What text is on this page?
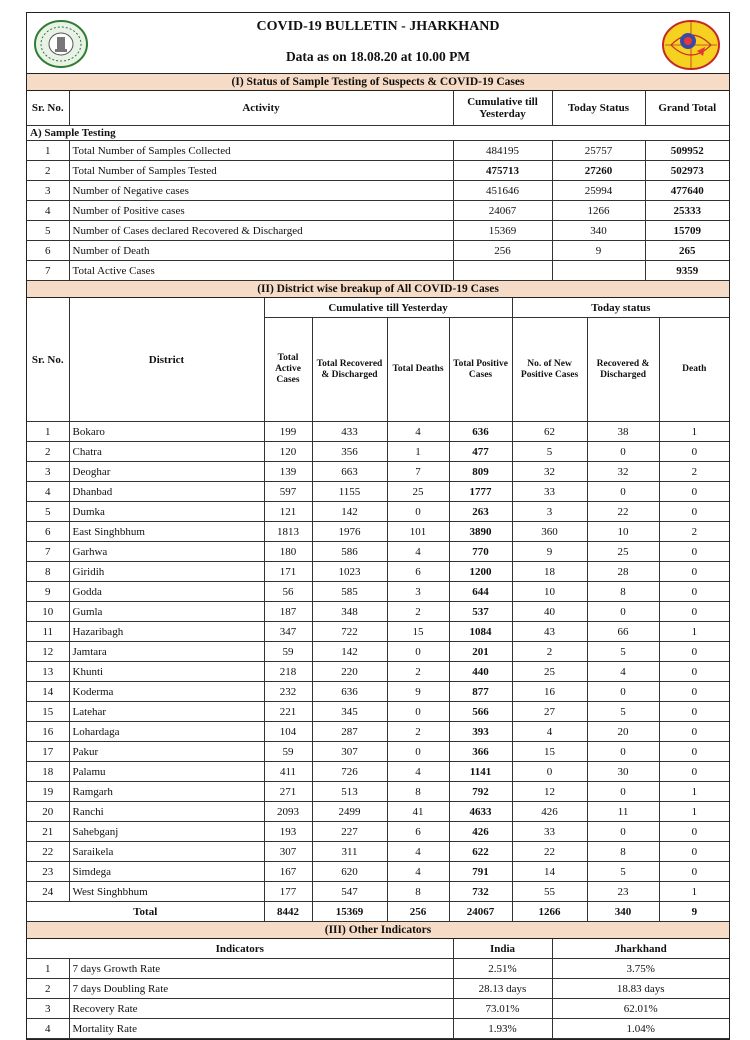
COVID-19 BULLETIN - JHARKHAND
Data as on 18.08.20 at 10.00 PM
(I) Status of Sample Testing of Suspects & COVID-19 Cases
Sr. No.	Activity	Cumulative till Yesterday	Today Status	Grand Total
A) Sample Testing				
1	Total Number of Samples Collected	484195	25757	509952
2	Total Number of Samples Tested	475713	27260	502973
3	Number of Negative cases	451646	25994	477640
4	Number of Positive cases	24067	1266	25333
5	Number of Cases declared Recovered & Discharged	15369	340	15709
6	Number of Death	256	9	265
7	Total Active Cases			9359
(II) District wise breakup of All COVID-19 Cases
Sr. No.	District	Cumulative till Yesterday				Today status		
		Total Active Cases	Total Recovered & Discharged	Total Deaths	Total Positive Cases	No. of New Positive Cases	Recovered & Discharged	Death
1	Bokaro	199	433	4	636	62	38	1
2	Chatra	120	356	1	477	5	0	0
3	Deoghar	139	663	7	809	32	32	2
4	Dhanbad	597	1155	25	1777	33	0	0
5	Dumka	121	142	0	263	3	22	0
6	East Singhbhum	1813	1976	101	3890	360	10	2
7	Garhwa	180	586	4	770	9	25	0
8	Giridih	171	1023	6	1200	18	28	0
9	Godda	56	585	3	644	10	8	0
10	Gumla	187	348	2	537	40	0	0
11	Hazaribagh	347	722	15	1084	43	66	1
12	Jamtara	59	142	0	201	2	5	0
13	Khunti	218	220	2	440	25	4	0
14	Koderma	232	636	9	877	16	0	0
15	Latehar	221	345	0	566	27	5	0
16	Lohardaga	104	287	2	393	4	20	0
17	Pakur	59	307	0	366	15	0	0
18	Palamu	411	726	4	1141	0	30	0
19	Ramgarh	271	513	8	792	12	0	1
20	Ranchi	2093	2499	41	4633	426	11	1
21	Sahebganj	193	227	6	426	33	0	0
22	Saraikela	307	311	4	622	22	8	0
23	Simdega	167	620	4	791	14	5	0
24	West Singhbhum	177	547	8	732	55	23	1
Total		8442	15369	256	24067	1266	340	9
(III) Other Indicators
Indicators		India	Jharkhand
1	7 days Growth Rate	2.51%	3.75%
2	7 days Doubling Rate	28.13 days	18.83 days
3	Recovery Rate	73.01%	62.01%
4	Mortality Rate	1.93%	1.04%
